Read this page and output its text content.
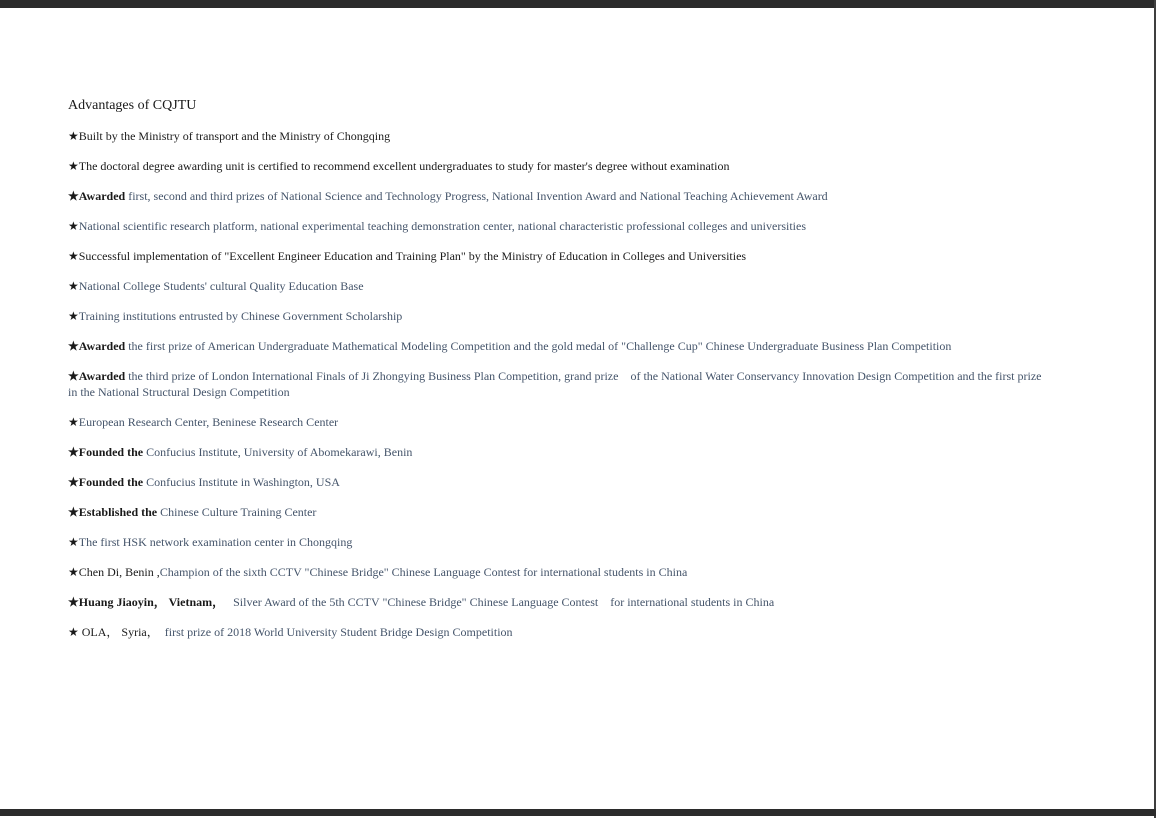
Advantages of CQJTU
★Built by the Ministry of transport and the Ministry of Chongqing
★The doctoral degree awarding unit is certified to recommend excellent undergraduates to study for master's degree without examination
★Awarded first, second and third prizes of National Science and Technology Progress, National Invention Award and National Teaching Achievement Award
★National scientific research platform, national experimental teaching demonstration center, national characteristic professional colleges and universities
★Successful implementation of "Excellent Engineer Education and Training Plan" by the Ministry of Education in Colleges and Universities
★National College Students' cultural Quality Education Base
★Training institutions entrusted by Chinese Government Scholarship
★Awarded the first prize of American Undergraduate Mathematical Modeling Competition and the gold medal of "Challenge Cup" Chinese Undergraduate Business Plan Competition
★Awarded the third prize of London International Finals of Ji Zhongying Business Plan Competition, grand prize    of the National Water Conservancy Innovation Design Competition and the first prize in the National Structural Design Competition
★European Research Center, Beninese Research Center
★Founded the Confucius Institute, University of Abomekarawi, Benin
★Founded the Confucius Institute in Washington, USA
★Established the Chinese Culture Training Center
★The first HSK network examination center in Chongqing
★Chen Di, Benin ,Champion of the sixth CCTV "Chinese Bridge" Chinese Language Contest for international students in China
★Huang Jiaoyin， Vietnam，   Silver Award of the 5th CCTV "Chinese Bridge" Chinese Language Contest    for international students in China
★ OLA， Syria，  first prize of 2018 World University Student Bridge Design Competition
